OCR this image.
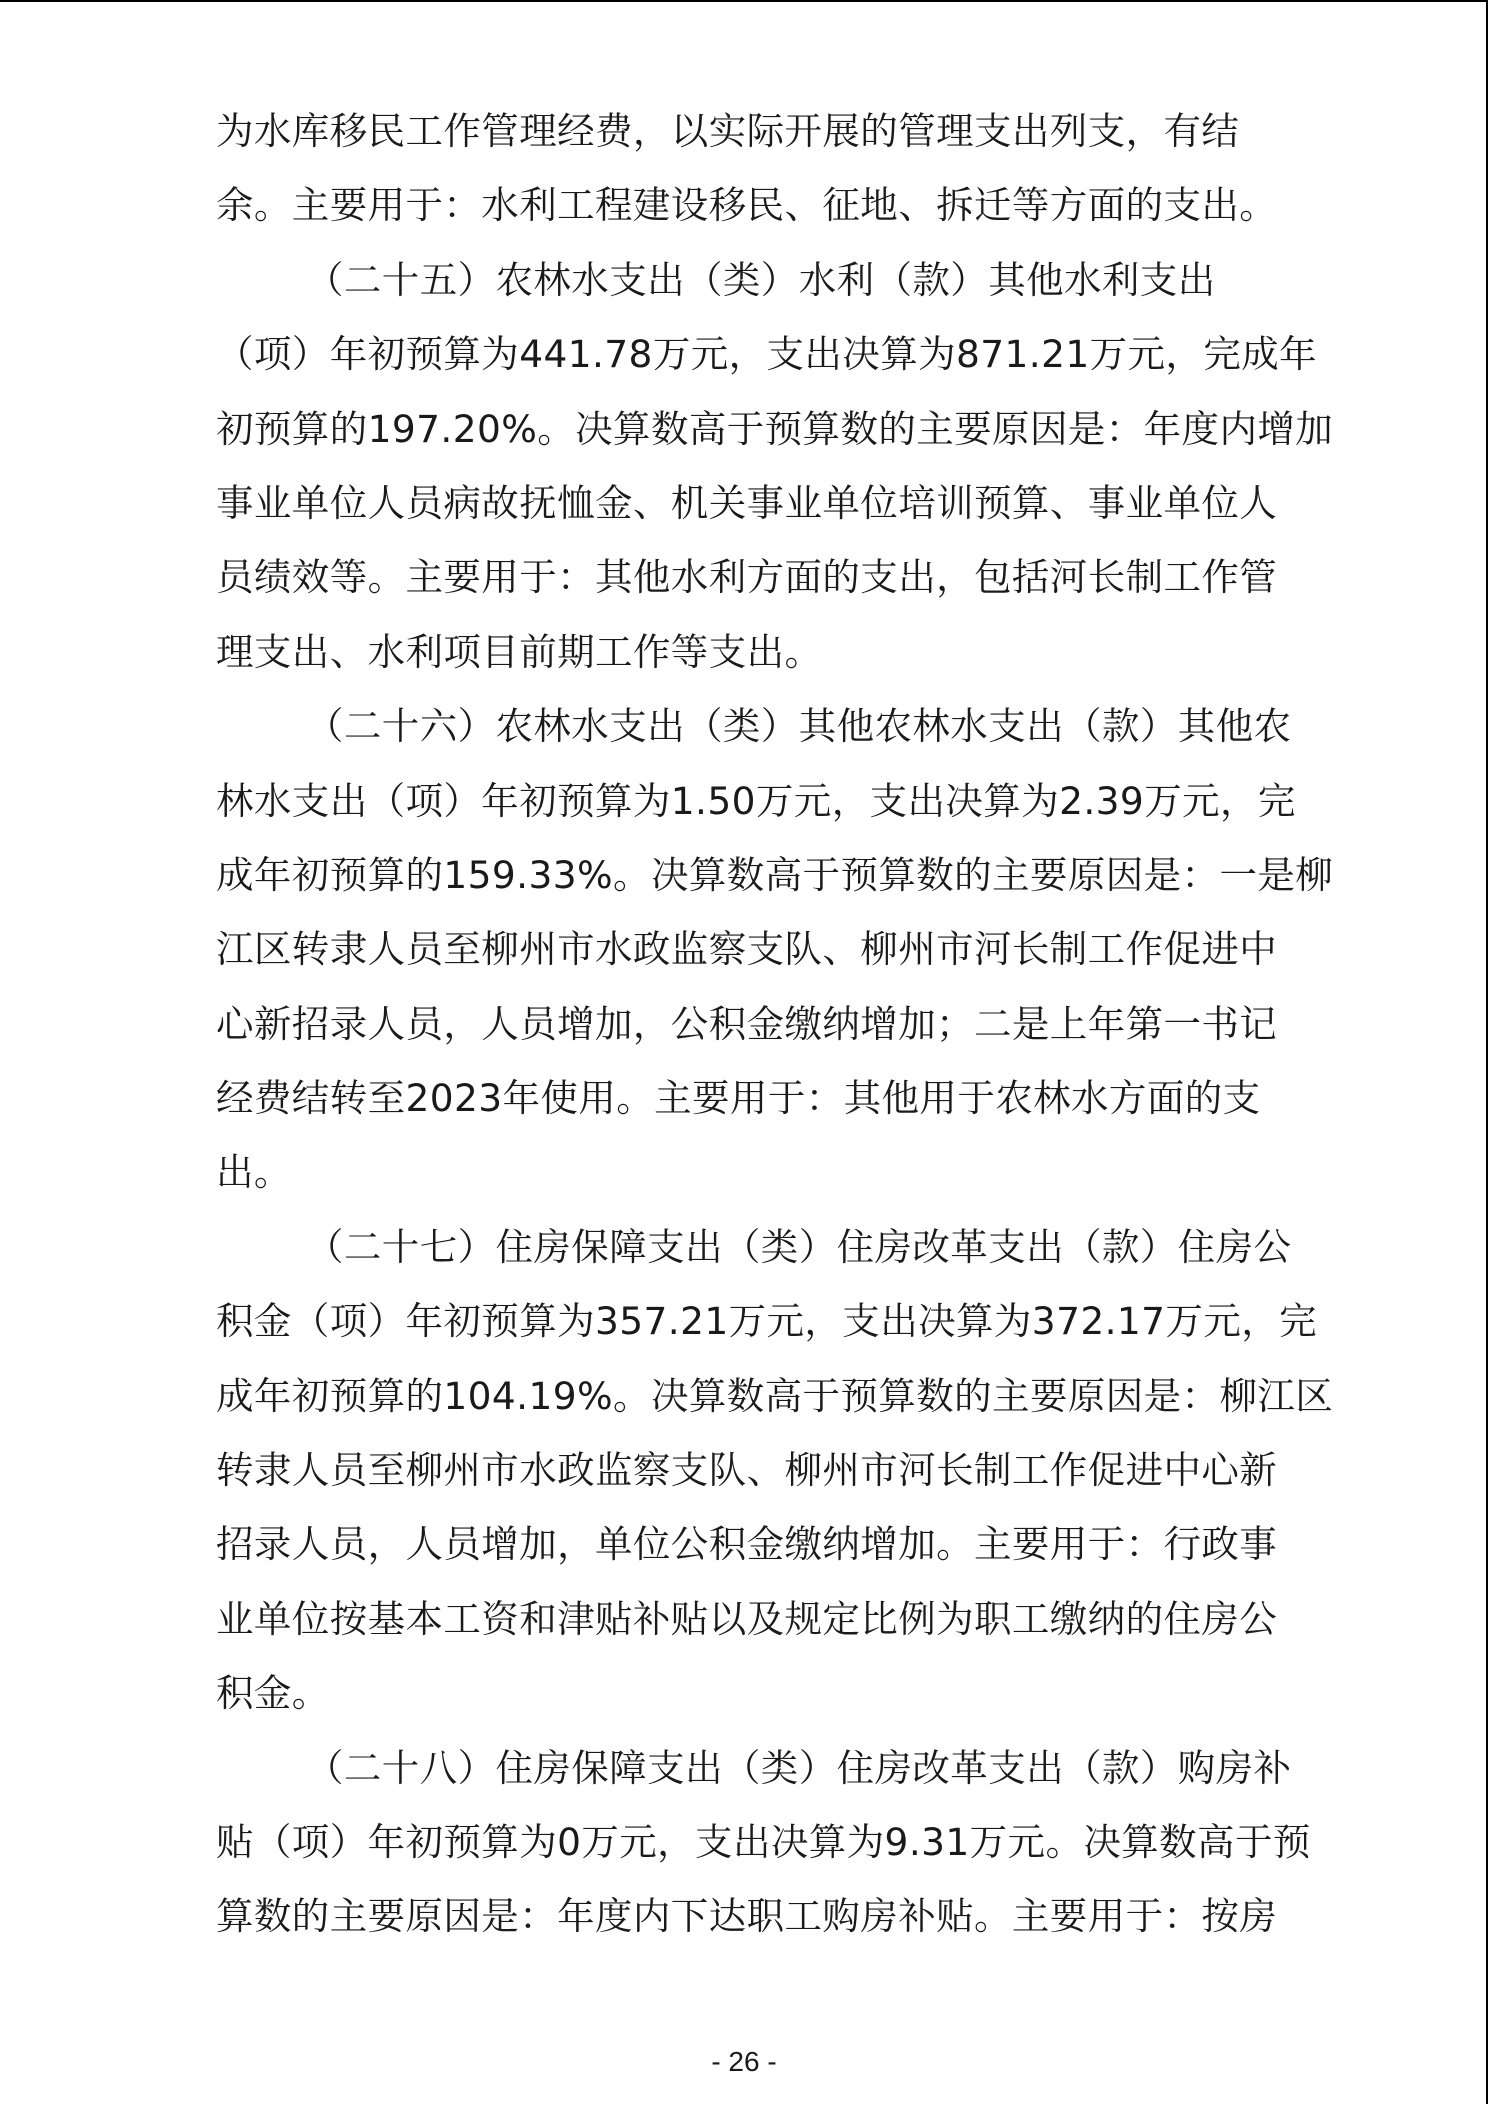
为水库移民工作管理经费，以实际开展的管理支出列支，有结
余。主要用于：水利工程建设移民、征地、拆迁等方面的支出。
（二十五）农林水支出（类）水利（款）其他水利支出
（项）年初预算为441.78万元，支出决算为871.21万元，完成年
初预算的197.20%。决算数高于预算数的主要原因是：年度内增加
事业单位人员病故抚恤金、机关事业单位培训预算、事业单位人
员绩效等。主要用于：其他水利方面的支出，包括河长制工作管
理支出、水利项目前期工作等支出。
（二十六）农林水支出（类）其他农林水支出（款）其他农
林水支出（项）年初预算为1.50万元，支出决算为2.39万元，完
成年初预算的159.33%。决算数高于预算数的主要原因是：一是柳
江区转隶人员至柳州市水政监察支队、柳州市河长制工作促进中
心新招录人员，人员增加，公积金缴纳增加；二是上年第一书记
经费结转至2023年使用。主要用于：其他用于农林水方面的支
出。
（二十七）住房保障支出（类）住房改革支出（款）住房公
积金（项）年初预算为357.21万元，支出决算为372.17万元，完
成年初预算的104.19%。决算数高于预算数的主要原因是：柳江区
转隶人员至柳州市水政监察支队、柳州市河长制工作促进中心新
招录人员，人员增加，单位公积金缴纳增加。主要用于：行政事
业单位按基本工资和津贴补贴以及规定比例为职工缴纳的住房公
积金。
（二十八）住房保障支出（类）住房改革支出（款）购房补
贴（项）年初预算为0万元，支出决算为9.31万元。决算数高于预
算数的主要原因是：年度内下达职工购房补贴。主要用于：按房
- 26 -
